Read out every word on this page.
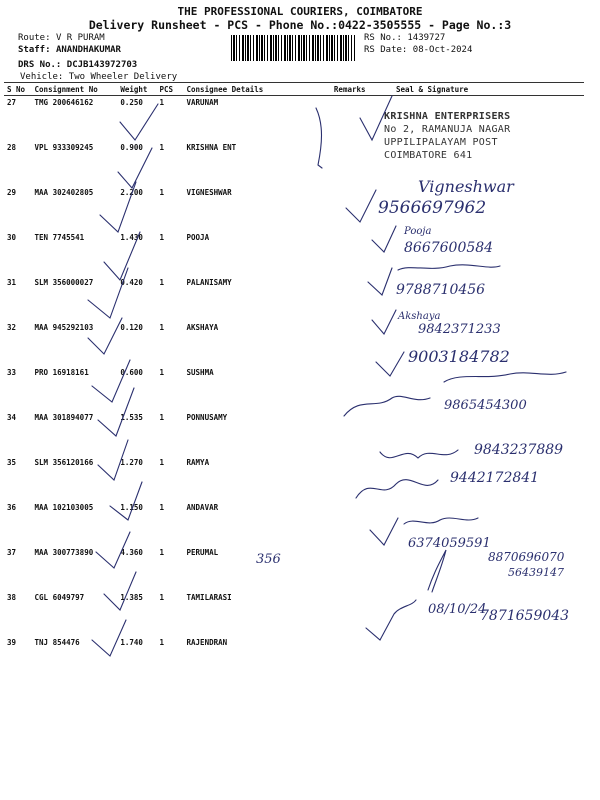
THE PROFESSIONAL COURIERS, COIMBATORE
Delivery Runsheet - PCS - Phone No.:0422-3505555 - Page No.:3
Route: V R PURAM
Staff: ANANDHAKUMAR
DRS No.: DCJB143972703
Vehicle: Two Wheeler Delivery
RS No.: 1439727
RS Date: 08-Oct-2024
S No	Consignment No	Weight	PCS	Consignee Details	Remarks	Seal & Signature
27	TMG 200646162	0.250	1	VARUNAM		
28	VPL 933309245	0.900	1	KRISHNA ENT		
29	MAA 302402805	2.200	1	VIGNESHWAR		
30	TEN 7745541	1.430	1	POOJA		
31	SLM 356000027	0.420	1	PALANISAMY		
32	MAA 945292103	0.120	1	AKSHAYA		
33	PRO 16918161	0.600	1	SUSHMA		
34	MAA 301894077	1.535	1	PONNUSAMY		
35	SLM 356120166	1.270	1	RAMYA		
36	MAA 102103005	1.150	1	ANDAVAR		
37	MAA 300773890	4.360	1	PERUMAL		
38	CGL 6049797	1.385	1	TAMILARASI		
39	TNJ 854476	1.740	1	RAJENDRAN		
KRISHNA ENTERPRISERS
No 2, RAMANUJA NAGAR
UPPILIPALAYAM POST
COIMBATORE 641
Vigneshwar
9566697962
Pooja
8667600584
9788710456
Akshaya
9842371233
9003184782
9865454300
9843237889
9442172841
6374059591
356	8870696070
56439147
08/10/24
7871659043
